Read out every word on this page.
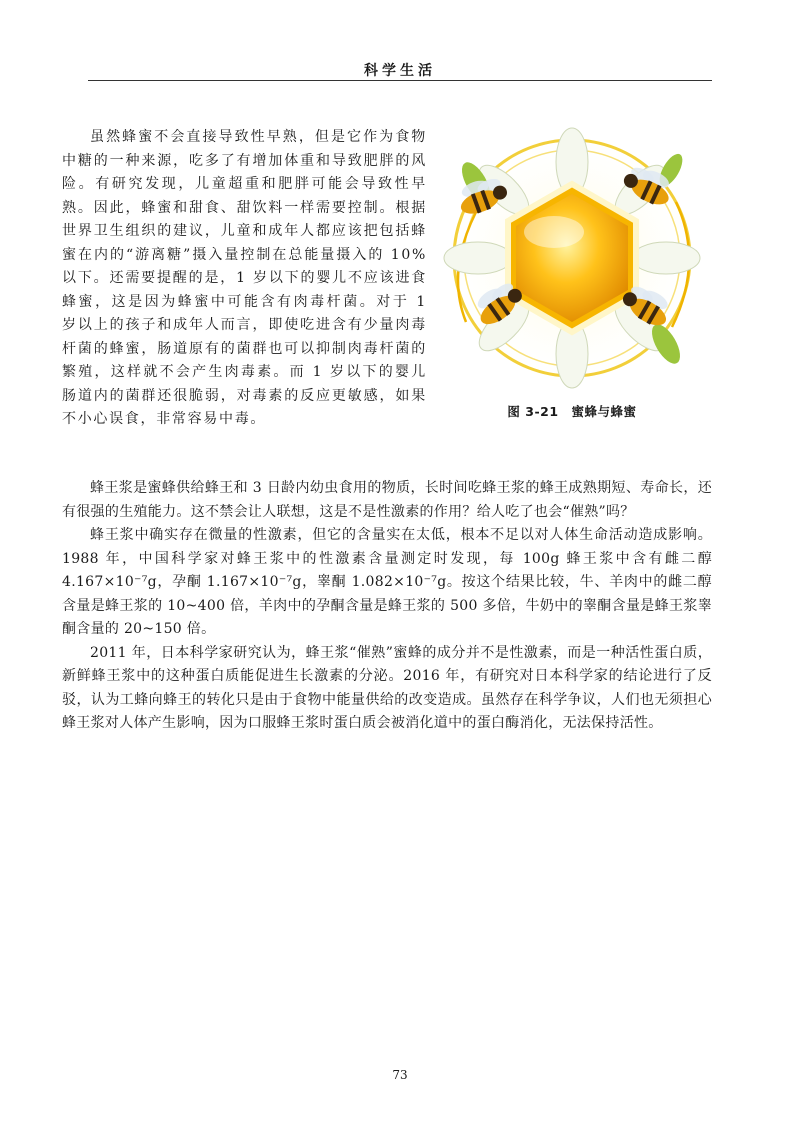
科学生活

虽然蜂蜜不会直接导致性早熟，但是它作为食物中糖的一种来源，吃多了有增加体重和导致肥胖的风险。有研究发现，儿童超重和肥胖可能会导致性早熟。因此，蜂蜜和甜食、甜饮料一样需要控制。根据世界卫生组织的建议，儿童和成年人都应该把包括蜂蜜在内的“游离糖”摄入量控制在总能量摄入的 10% 以下。还需要提醒的是，1 岁以下的婴儿不应该进食蜂蜜，这是因为蜂蜜中可能含有肉毒杆菌。对于 1 岁以上的孩子和成年人而言，即使吃进含有少量肉毒杆菌的蜂蜜，肠道原有的菌群也可以抑制肉毒杆菌的繁殖，这样就不会产生肉毒素。而 1 岁以下的婴儿肠道内的菌群还很脆弱，对毒素的反应更敏感，如果不小心误食，非常容易中毒。	图 3-21　蜜蜂与蜂蜜

蜂王浆是蜜蜂供给蜂王和 3 日龄内幼虫食用的物质，长时间吃蜂王浆的蜂王成熟期短、寿命长，还有很强的生殖能力。这不禁会让人联想，这是不是性激素的作用？给人吃了也会“催熟”吗？

蜂王浆中确实存在微量的性激素，但它的含量实在太低，根本不足以对人体生命活动造成影响。1988 年，中国科学家对蜂王浆中的性激素含量测定时发现，每 100g 蜂王浆中含有雌二醇 4.167×10⁻⁷g，孕酮 1.167×10⁻⁷g，睾酮 1.082×10⁻⁷g。按这个结果比较，牛、羊肉中的雌二醇含量是蜂王浆的 10~400 倍，羊肉中的孕酮含量是蜂王浆的 500 多倍，牛奶中的睾酮含量是蜂王浆睾酮含量的 20~150 倍。

2011 年，日本科学家研究认为，蜂王浆“催熟”蜜蜂的成分并不是性激素，而是一种活性蛋白质，新鲜蜂王浆中的这种蛋白质能促进生长激素的分泌。2016 年，有研究对日本科学家的结论进行了反驳，认为工蜂向蜂王的转化只是由于食物中能量供给的改变造成。虽然存在科学争议，人们也无须担心蜂王浆对人体产生影响，因为口服蜂王浆时蛋白质会被消化道中的蛋白酶消化，无法保持活性。

73
